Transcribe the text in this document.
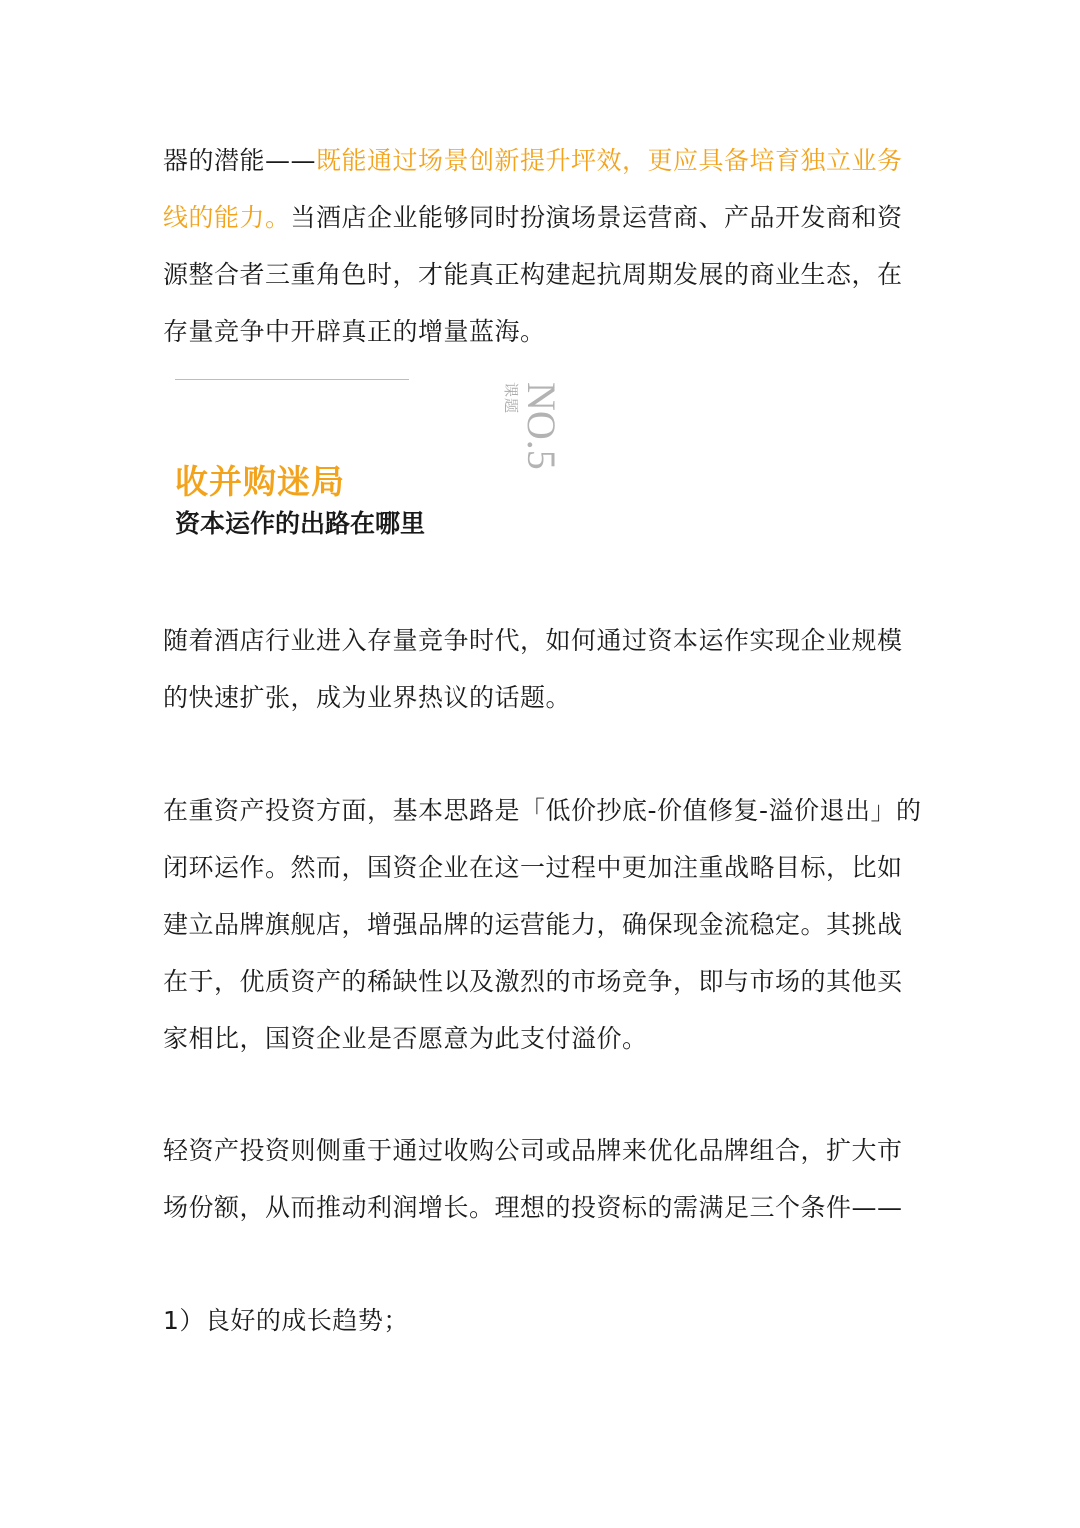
器的潜能——既能通过场景创新提升坪效，更应具备培育独立业务线的能力。当酒店企业能够同时扮演场景运营商、产品开发商和资源整合者三重角色时，才能真正构建起抗周期发展的商业生态，在存量竞争中开辟真正的增量蓝海。

课题 NO.5
收并购迷局
资本运作的出路在哪里

随着酒店行业进入存量竞争时代，如何通过资本运作实现企业规模的快速扩张，成为业界热议的话题。

在重资产投资方面，基本思路是「低价抄底-价值修复-溢价退出」的闭环运作。然而，国资企业在这一过程中更加注重战略目标，比如建立品牌旗舰店，增强品牌的运营能力，确保现金流稳定。其挑战在于，优质资产的稀缺性以及激烈的市场竞争，即与市场的其他买家相比，国资企业是否愿意为此支付溢价。

轻资产投资则侧重于通过收购公司或品牌来优化品牌组合，扩大市场份额，从而推动利润增长。理想的投资标的需满足三个条件——

1）良好的成长趋势；
